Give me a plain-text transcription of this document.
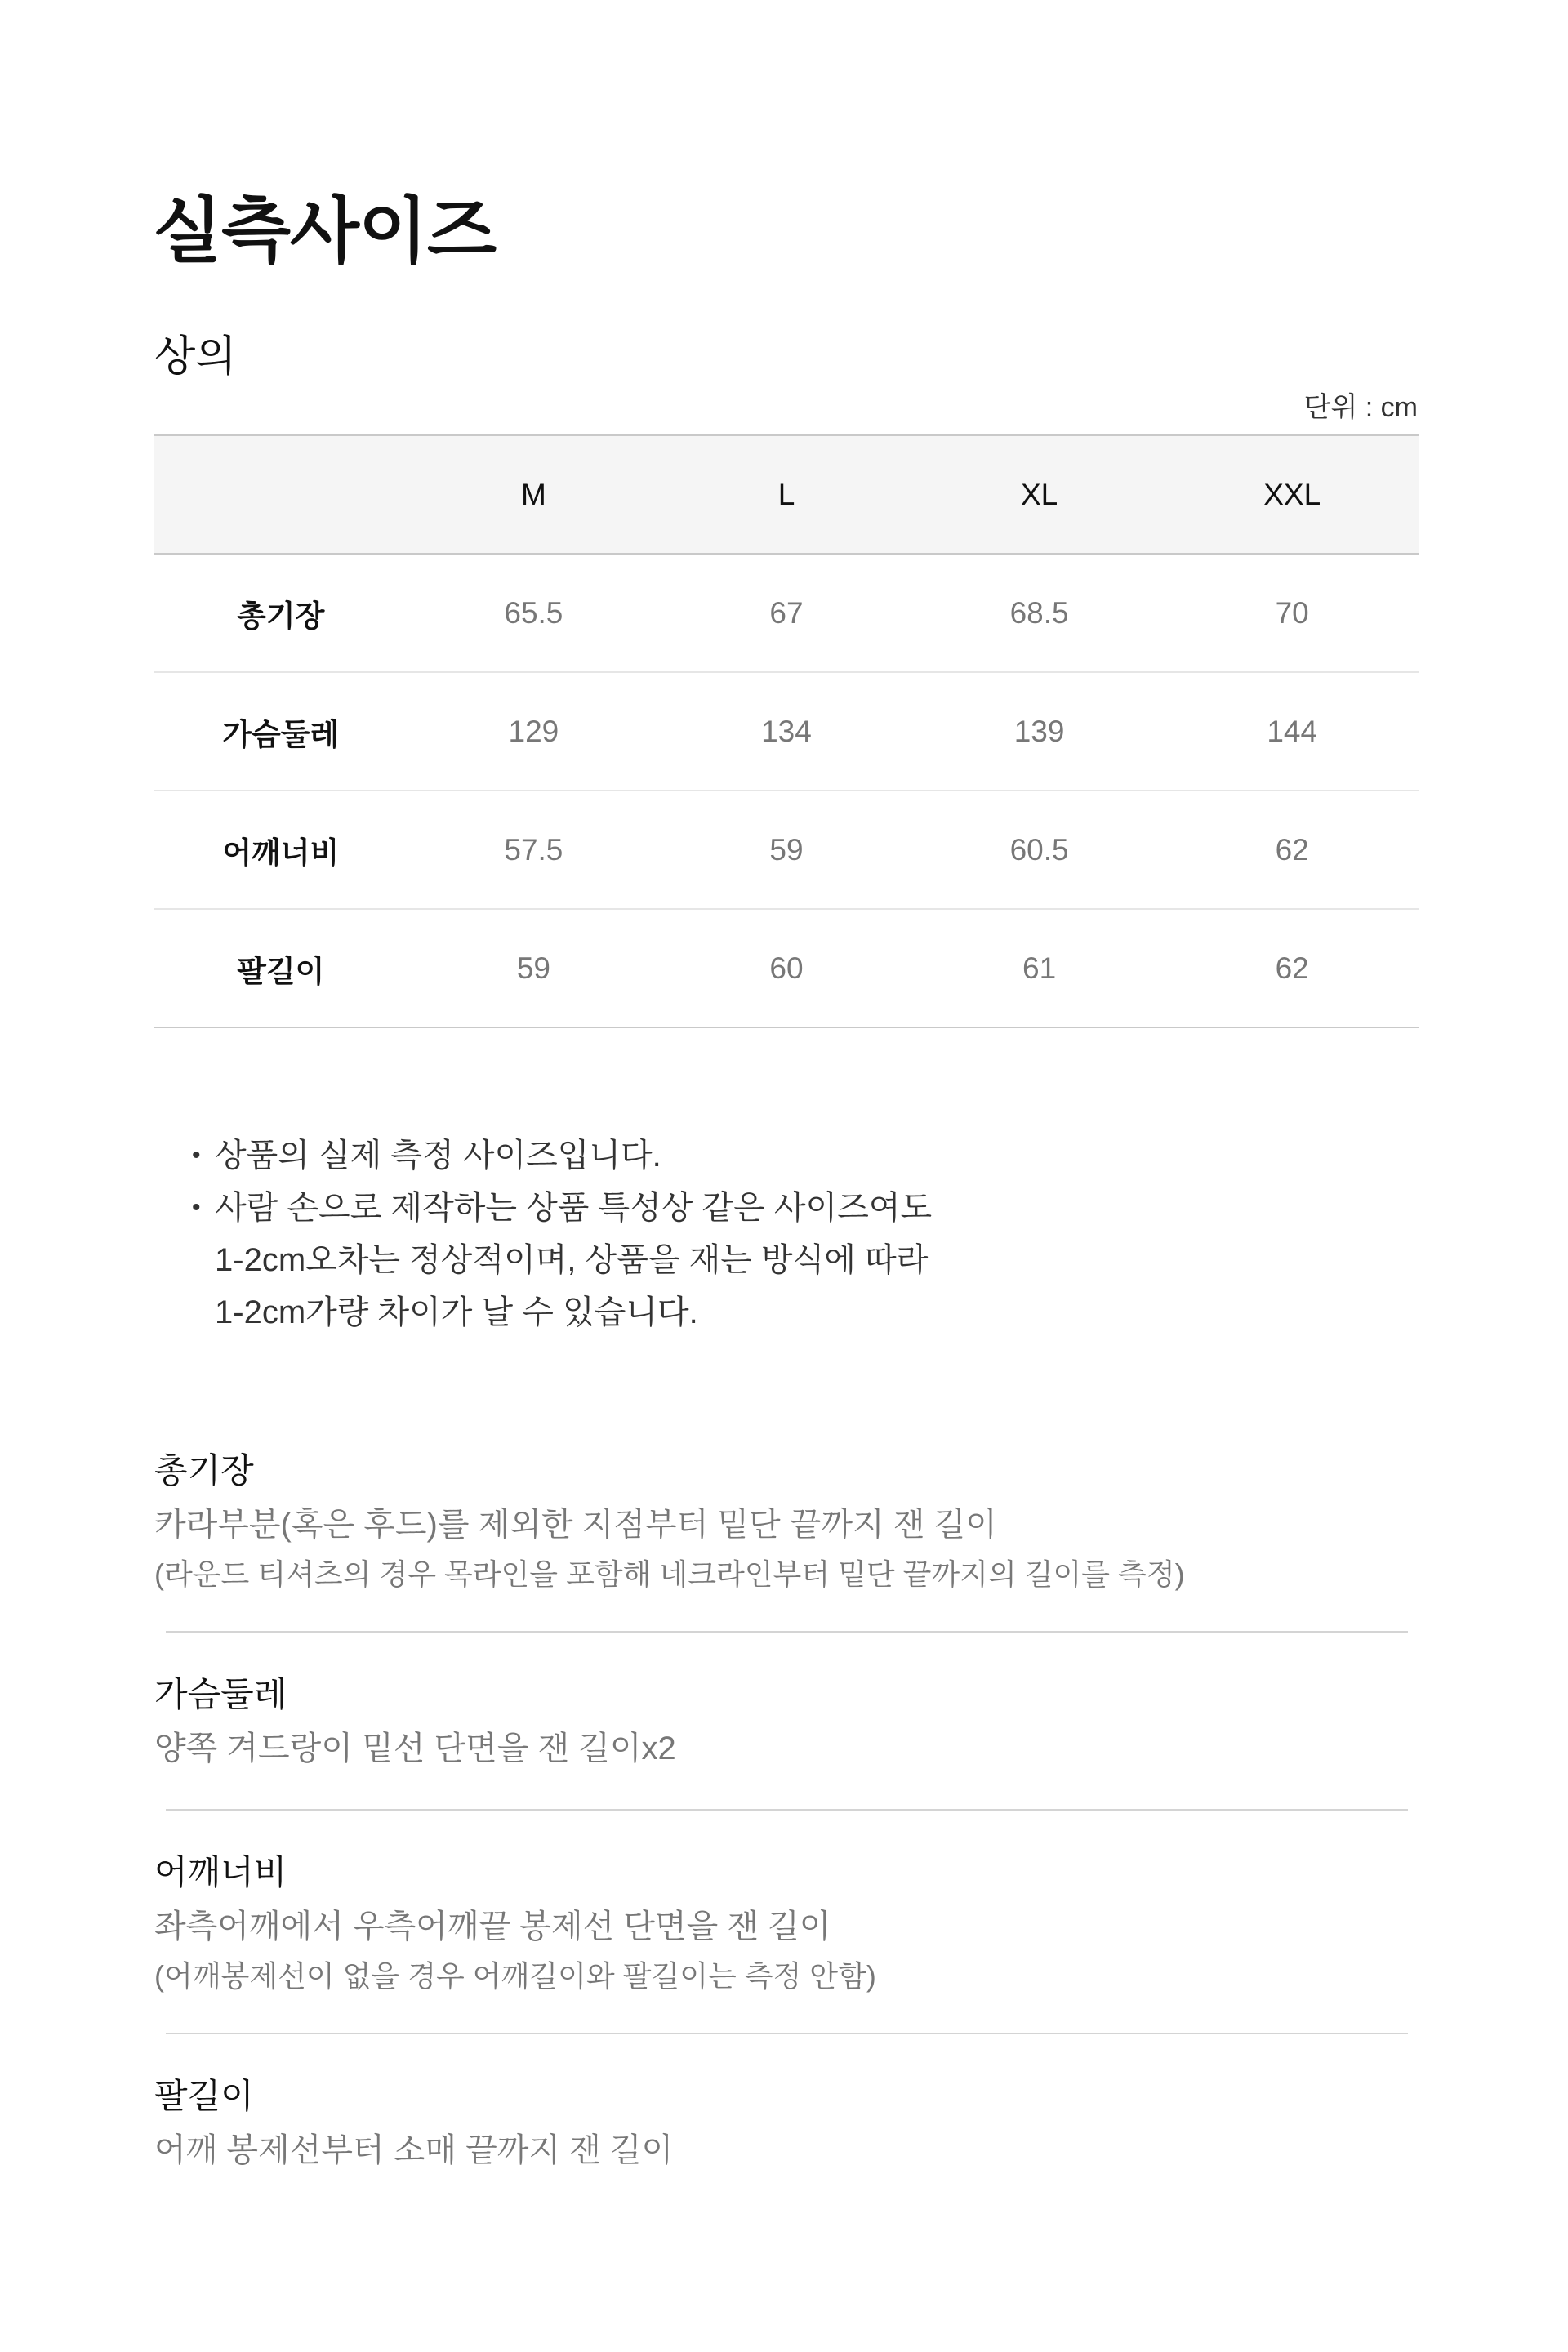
실측사이즈
상의
단위 : cm
	M	L	XL	XXL
총기장	65.5	67	68.5	70
가슴둘레	129	134	139	144
어깨너비	57.5	59	60.5	62
팔길이	59	60	61	62
• 상품의 실제 측정 사이즈입니다.
• 사람 손으로 제작하는 상품 특성상 같은 사이즈여도
1-2cm오차는 정상적이며, 상품을 재는 방식에 따라
1-2cm가량 차이가 날 수 있습니다.
총기장

카라부분(혹은 후드)를 제외한 지점부터 밑단 끝까지 잰 길이

(라운드 티셔츠의 경우 목라인을 포함해 네크라인부터 밑단 끝까지의 길이를 측정)

가슴둘레

양쪽 겨드랑이 밑선 단면을 잰 길이x2

어깨너비

좌측어깨에서 우측어깨끝 봉제선 단면을 잰 길이

(어깨봉제선이 없을 경우 어깨길이와 팔길이는 측정 안함)

팔길이

어깨 봉제선부터 소매 끝까지 잰 길이
